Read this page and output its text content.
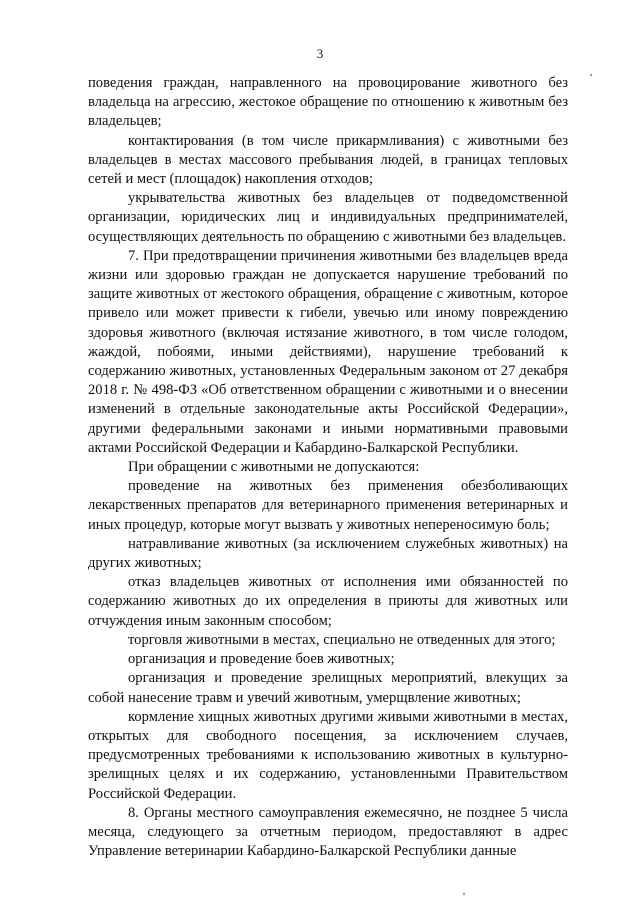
3

поведения граждан, направленного на провоцирование животного без владельца на агрессию, жестокое обращение по отношению к животным без владельцев;

контактирования (в том числе прикармливания) с животными без владельцев в местах массового пребывания людей, в границах тепловых сетей и мест (площадок) накопления отходов;

укрывательства животных без владельцев от подведомственной организации, юридических лиц и индивидуальных предпринимателей, осуществляющих деятельность по обращению с животными без владельцев.

7. При предотвращении причинения животными без владельцев вреда жизни или здоровью граждан не допускается нарушение требований по защите животных от жестокого обращения, обращение с животным, которое привело или может привести к гибели, увечью или иному повреждению здоровья животного (включая истязание животного, в том числе голодом, жаждой, побоями, иными действиями), нарушение требований к содержанию животных, установленных Федеральным законом от 27 декабря 2018 г. № 498-ФЗ «Об ответственном обращении с животными и о внесении изменений в отдельные законодательные акты Российской Федерации», другими федеральными законами и иными нормативными правовыми актами Российской Федерации и Кабардино-Балкарской Республики.

При обращении с животными не допускаются:

проведение на животных без применения обезболивающих лекарственных препаратов для ветеринарного применения ветеринарных и иных процедур, которые могут вызвать у животных непереносимую боль;

натравливание животных (за исключением служебных животных) на других животных;

отказ владельцев животных от исполнения ими обязанностей по содержанию животных до их определения в приюты для животных или отчуждения иным законным способом;

торговля животными в местах, специально не отведенных для этого;

организация и проведение боев животных;

организация и проведение зрелищных мероприятий, влекущих за собой нанесение травм и увечий животным, умерщвление животных;

кормление хищных животных другими живыми животными в местах, открытых для свободного посещения, за исключением случаев, предусмотренных требованиями к использованию животных в культурно-зрелищных целях и их содержанию, установленными Правительством Российской Федерации.

8. Органы местного самоуправления ежемесячно, не позднее 5 числа месяца, следующего за отчетным периодом, предоставляют в адрес Управление ветеринарии Кабардино-Балкарской Республики данные
